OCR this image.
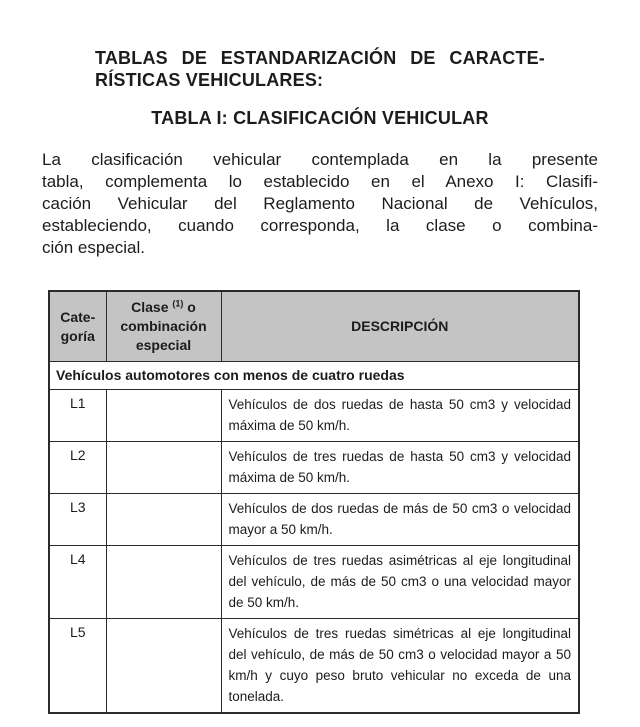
TABLAS DE ESTANDARIZACIÓN DE CARACTE-
RÍSTICAS VEHICULARES:
TABLA I: CLASIFICACIÓN VEHICULAR

La clasificación vehicular contemplada en la presente
tabla, complementa lo establecido en el Anexo I: Clasifi-
cación Vehicular del Reglamento Nacional de Vehículos,
estableciendo, cuando corresponda, la clase o combina-
ción especial.

Cate-
goría	Clase $^{(1)}$ o
combinación
especial	DESCRIPCIÓN
Vehículos automotores con menos de cuatro ruedas		
L1		Vehículos de dos ruedas de hasta 50 cm3 y velocidad máxima de 50 km/h.
L2		Vehículos de tres ruedas de hasta 50 cm3 y velocidad máxima de 50 km/h.
L3		Vehículos de dos ruedas de más de 50 cm3 o velocidad mayor a 50 km/h.
L4		Vehículos de tres ruedas asimétricas al eje longitudinal del vehículo, de más de 50 cm3 o una velocidad mayor de 50 km/h.
L5		Vehículos de tres ruedas simétricas al eje longitudinal del vehículo, de más de 50 cm3 o velocidad mayor a 50 km/h y cuyo peso bruto vehicular no exceda de una tonelada.
